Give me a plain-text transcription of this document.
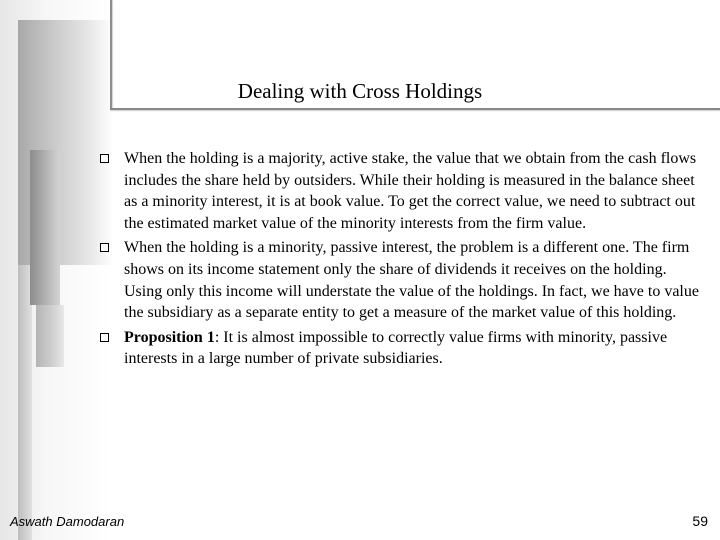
Dealing with Cross Holdings
When the holding is a majority, active stake, the value that we obtain from the cash flows includes the share held by outsiders. While their holding is measured in the balance sheet as a minority interest, it is at book value. To get the correct value, we need to subtract out the estimated market value of the minority interests from the firm value.
When the holding is a minority, passive interest, the problem is a different one. The firm shows on its income statement only the share of dividends it receives on the holding. Using only this income will understate the value of the holdings. In fact, we have to value the subsidiary as a separate entity to get a measure of the market value of this holding.
Proposition 1: It is almost impossible to correctly value firms with minority, passive interests in a large number of private subsidiaries.
Aswath Damodaran	59
